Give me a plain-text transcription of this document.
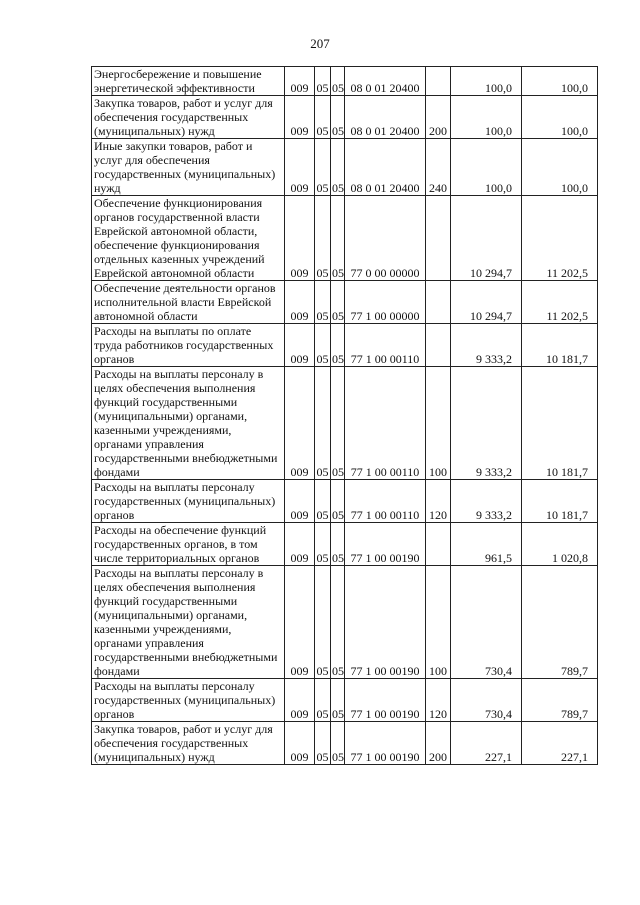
207
Энергосбережение и повышение энергетической эффективности	009	05	05	08 0 01 20400		100,0	100,0
Закупка товаров, работ и услуг для обеспечения государственных (муниципальных) нужд	009	05	05	08 0 01 20400	200	100,0	100,0
Иные закупки товаров, работ и услуг для обеспечения государственных (муниципальных) нужд	009	05	05	08 0 01 20400	240	100,0	100,0
Обеспечение функционирования органов государственной власти Еврейской автономной области, обеспечение функционирования отдельных казенных учреждений Еврейской автономной области	009	05	05	77 0 00 00000		10 294,7	11 202,5
Обеспечение деятельности органов исполнительной власти Еврейской автономной области	009	05	05	77 1 00 00000		10 294,7	11 202,5
Расходы на выплаты по оплате труда работников государственных органов	009	05	05	77 1 00 00110		9 333,2	10 181,7
Расходы на выплаты персоналу в целях обеспечения выполнения функций государственными (муниципальными) органами, казенными учреждениями, органами управления государственными внебюджетными фондами	009	05	05	77 1 00 00110	100	9 333,2	10 181,7
Расходы на выплаты персоналу государственных (муниципальных) органов	009	05	05	77 1 00 00110	120	9 333,2	10 181,7
Расходы на обеспечение функций государственных органов, в том числе территориальных органов	009	05	05	77 1 00 00190		961,5	1 020,8
Расходы на выплаты персоналу в целях обеспечения выполнения функций государственными (муниципальными) органами, казенными учреждениями, органами управления государственными внебюджетными фондами	009	05	05	77 1 00 00190	100	730,4	789,7
Расходы на выплаты персоналу государственных (муниципальных) органов	009	05	05	77 1 00 00190	120	730,4	789,7
Закупка товаров, работ и услуг для обеспечения государственных (муниципальных) нужд	009	05	05	77 1 00 00190	200	227,1	227,1
